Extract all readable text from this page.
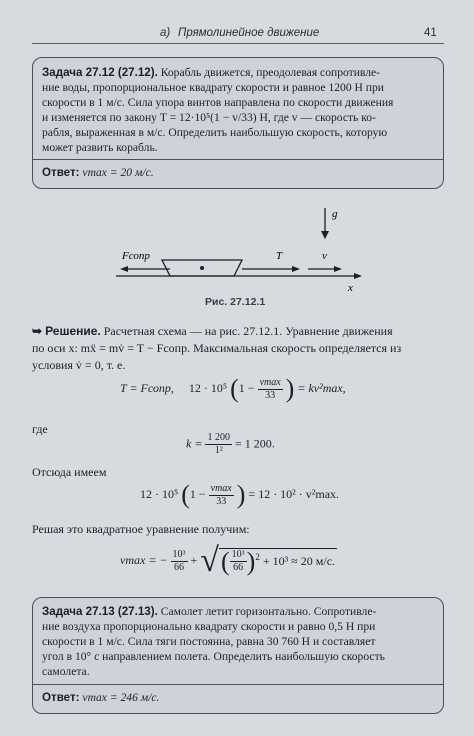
а) Прямолинейное движение	41
Задача 27.12 (27.12). Корабль движется, преодолевая сопротивле-
ние воды, пропорциональное квадрату скорости и равное 1200 Н при
скорости в 1 м/с. Сила упора винтов направлена по скорости движения
и изменяется по закону T = 12·10⁵(1 − v/33) Н, где v — скорость ко-
рабля, выраженная в м/с. Определить наибольшую скорость, которую
может развить корабль.
Ответ: vmax = 20 м/с.
g
x
Fсопр	T	v
Рис. 27.12.1
➥ Решение. Расчетная схема — на рис. 27.12.1. Уравнение движения
по оси x: mẍ = mv̇ = T − Fсопр. Максимальная скорость определяется из
условия v̇ = 0, т. е.
T = Fсопр, 12 · 10⁵ ($1 - \frac{vmax}{33}$ ) = kv²max,
где
$k = \frac{1 200}{\text{1²}} = 1$ 200.
Отсюда имеем
12 · 10⁵ ($1 - \frac{vmax}{33}$ ) = 12 · 10² · v²max.
Решая это квадратное уравнение получим:
vmax = − $\frac{\text{10³}}{66}$ + √( $\frac{\text{10³}}{66} )^2 + 10^3 \approx 20$ м/с.
Задача 27.13 (27.13). Самолет летит горизонтально. Сопротивле-
ние воздуха пропорционально квадрату скорости и равно 0,5 Н при
скорости в 1 м/с. Сила тяги постоянна, равна 30 760 Н и составляет
угол в 10° с направлением полета. Определить наибольшую скорость
самолета.
Ответ: vmax = 246 м/с.
